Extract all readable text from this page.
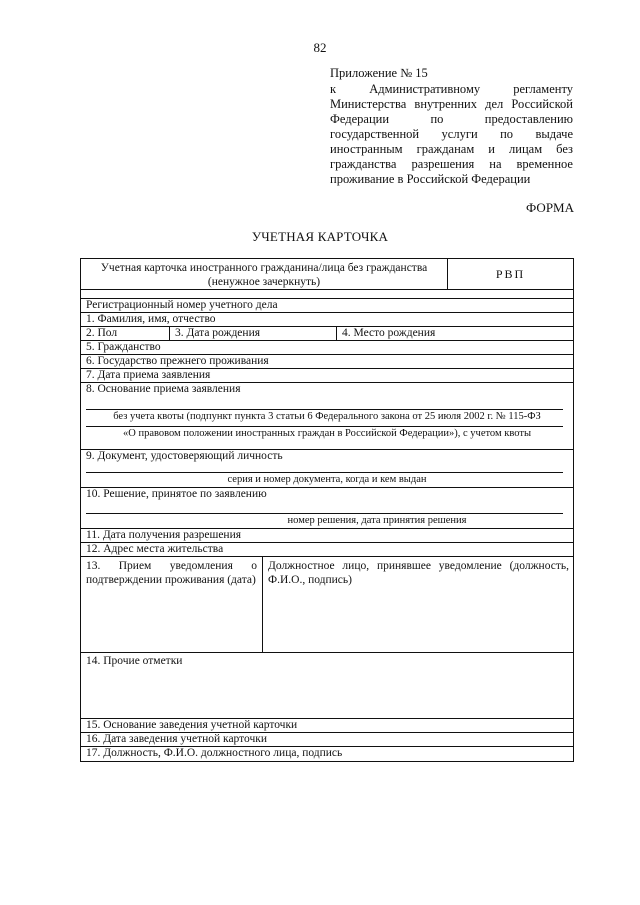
82
Приложение № 15
к Административному регламенту Министерства внутренних дел Российской Федерации по предоставлению государственной услуги по выдаче иностранным гражданам и лицам без гражданства разрешения на временное проживание в Российской Федерации
ФОРМА
УЧЕТНАЯ КАРТОЧКА
Учетная карточка иностранного гражданина/лица без гражданства
(ненужное зачеркнуть)
РВП
Регистрационный номер учетного дела
1. Фамилия, имя, отчество
2. Пол	3. Дата рождения	4. Место рождения
5. Гражданство
6. Государство прежнего проживания
7. Дата приема заявления
8. Основание приема заявления
без учета квоты (подпункт пункта 3 статьи 6 Федерального закона от 25 июля 2002 г. № 115-ФЗ
«О правовом положении иностранных граждан в Российской Федерации»), с учетом квоты
9. Документ, удостоверяющий личность
серия и номер документа, когда и кем выдан
10. Решение, принятое по заявлению
номер решения, дата принятия решения
11. Дата получения разрешения
12. Адрес места жительства
13. Прием уведомления о подтверждении проживания (дата)
Должностное лицо, принявшее уведомление (должность, Ф.И.О., подпись)
14. Прочие отметки
15. Основание заведения учетной карточки
16. Дата заведения учетной карточки
17. Должность, Ф.И.О. должностного лица, подпись
